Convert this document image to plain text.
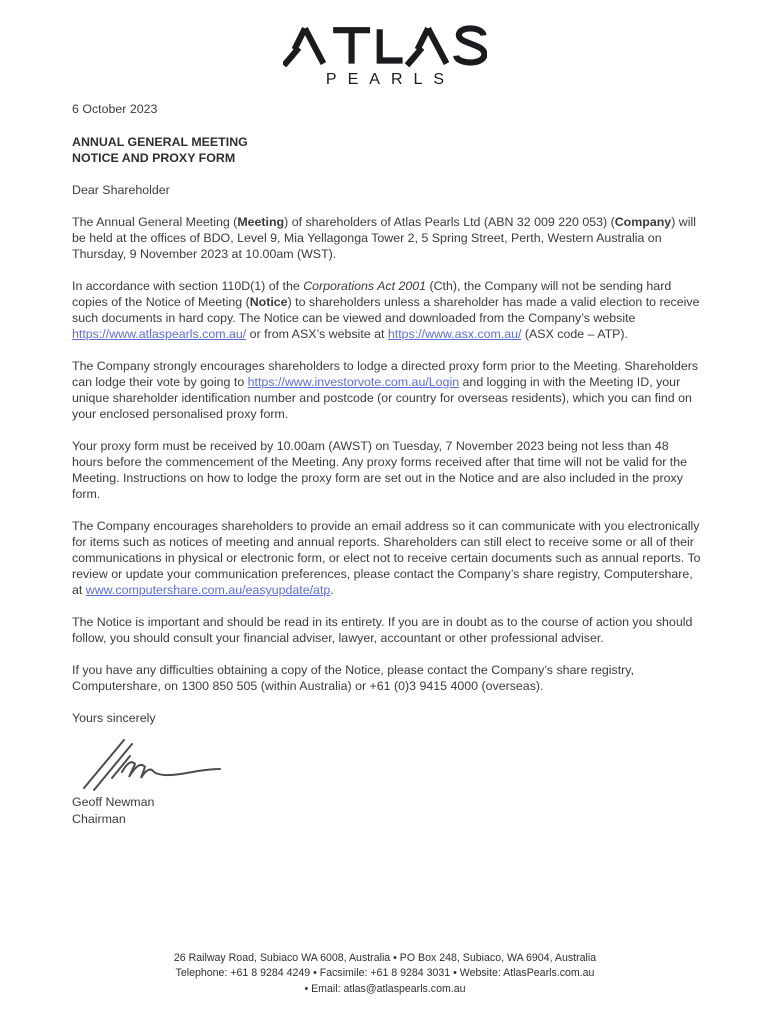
PEARLS
6 October 2023
ANNUAL GENERAL MEETING
NOTICE AND PROXY FORM
Dear Shareholder
The Annual General Meeting (Meeting) of shareholders of Atlas Pearls Ltd (ABN 32 009 220 053) (Company) will be held at the offices of BDO, Level 9, Mia Yellagonga Tower 2, 5 Spring Street, Perth, Western Australia on Thursday, 9 November 2023 at 10.00am (WST).
In accordance with section 110D(1) of the Corporations Act 2001 (Cth), the Company will not be sending hard copies of the Notice of Meeting (Notice) to shareholders unless a shareholder has made a valid election to receive such documents in hard copy. The Notice can be viewed and downloaded from the Company’s website https://www.atlaspearls.com.au/ or from ASX’s website at https://www.asx.com.au/ (ASX code – ATP).
The Company strongly encourages shareholders to lodge a directed proxy form prior to the Meeting. Shareholders can lodge their vote by going to https://www.investorvote.com.au/Login and logging in with the Meeting ID, your unique shareholder identification number and postcode (or country for overseas residents), which you can find on your enclosed personalised proxy form.
Your proxy form must be received by 10.00am (AWST) on Tuesday, 7 November 2023 being not less than 48 hours before the commencement of the Meeting. Any proxy forms received after that time will not be valid for the Meeting. Instructions on how to lodge the proxy form are set out in the Notice and are also included in the proxy form.
The Company encourages shareholders to provide an email address so it can communicate with you electronically for items such as notices of meeting and annual reports. Shareholders can still elect to receive some or all of their communications in physical or electronic form, or elect not to receive certain documents such as annual reports. To review or update your communication preferences, please contact the Company’s share registry, Computershare, at www.computershare.com.au/easyupdate/atp.
The Notice is important and should be read in its entirety. If you are in doubt as to the course of action you should follow, you should consult your financial adviser, lawyer, accountant or other professional adviser.
If you have any difficulties obtaining a copy of the Notice, please contact the Company’s share registry, Computershare, on 1300 850 505 (within Australia) or +61 (0)3 9415 4000 (overseas).
Yours sincerely
Geoff Newman
Chairman
26 Railway Road, Subiaco WA 6008, Australia • PO Box 248, Subiaco, WA 6904, Australia
Telephone: +61 8 9284 4249 • Facsimile: +61 8 9284 3031 • Website: AtlasPearls.com.au
• Email: atlas@atlaspearls.com.au
